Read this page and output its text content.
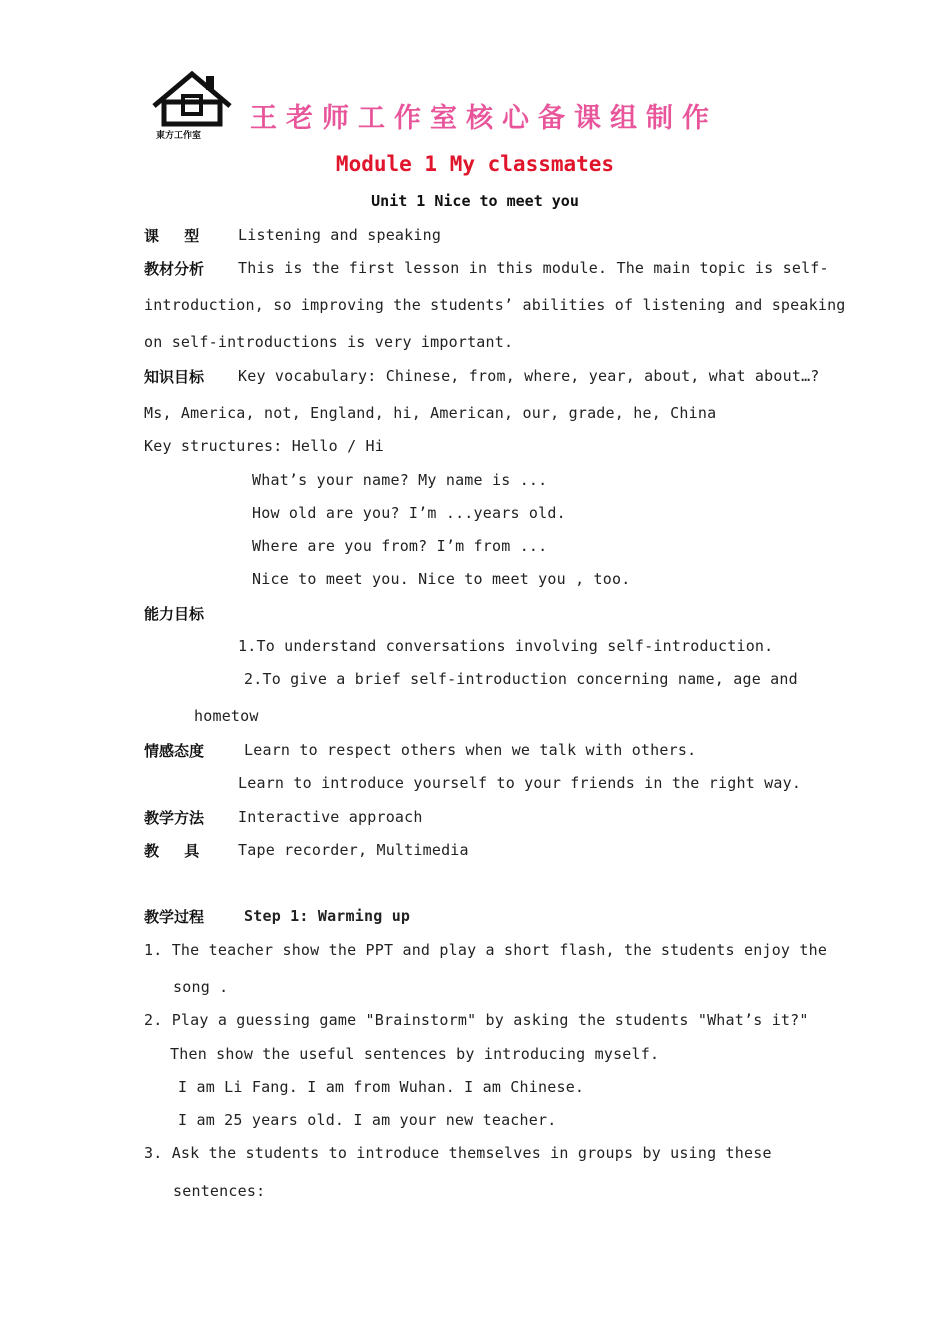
東方工作室
王老师工作室核心备课组制作
Module 1 My classmates
Unit 1 Nice to meet you
课 型 Listening and speaking
教材分析 This is the first lesson in this module. The main topic is self-
introduction, so improving the students’ abilities of listening and speaking
on self-introductions is very important.
知识目标 Key vocabulary: Chinese, from, where, year, about, what about…?
Ms, America, not, England, hi, American, our, grade, he, China
Key structures: Hello / Hi
What’s your name? My name is ...
How old are you? I’m ...years old.
Where are you from? I’m from ...
Nice to meet you. Nice to meet you , too.
能力目标
1.To understand conversations involving self-introduction.
2.To give a brief self-introduction concerning name, age and
hometow
情感态度	Learn to respect others when we talk with others.
Learn to introduce yourself to your friends in the right way.
教学方法 Interactive approach
教 具 Tape recorder, Multimedia
教学过程	Step 1: Warming up
1. The teacher show the PPT and play a short flash, the students enjoy the
song .
2. Play a guessing game "Brainstorm" by asking the students "What’s it?"
Then show the useful sentences by introducing myself.
I am Li Fang. I am from Wuhan. I am Chinese.
I am 25 years old. I am your new teacher.
3. Ask the students to introduce themselves in groups by using these
sentences:
